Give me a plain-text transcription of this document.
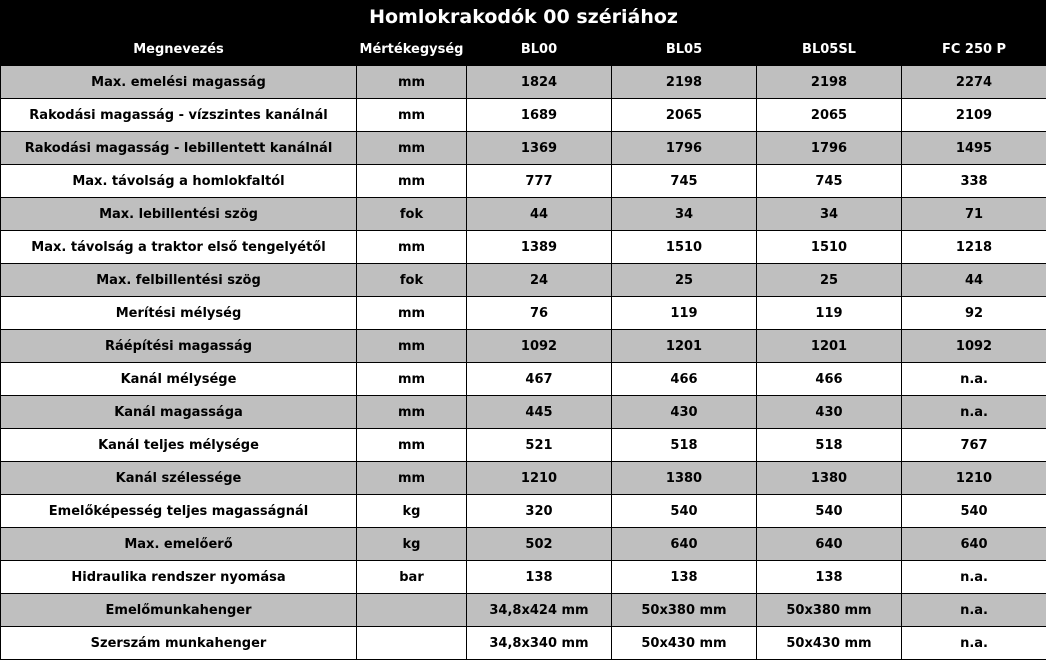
Homlokrakodók 00 szériához					
Megnevezés	Mértékegység	BL00	BL05	BL05SL	FC 250 P
Max. emelési magasság	mm	1824	2198	2198	2274
Rakodási magasság - vízszintes kanálnál	mm	1689	2065	2065	2109
Rakodási magasság - lebillentett kanálnál	mm	1369	1796	1796	1495
Max. távolság a homlokfaltól	mm	777	745	745	338
Max. lebillentési szög	fok	44	34	34	71
Max. távolság a traktor első tengelyétől	mm	1389	1510	1510	1218
Max. felbillentési szög	fok	24	25	25	44
Merítési mélység	mm	76	119	119	92
Ráépítési magasság	mm	1092	1201	1201	1092
Kanál mélysége	mm	467	466	466	n.a.
Kanál magassága	mm	445	430	430	n.a.
Kanál teljes mélysége	mm	521	518	518	767
Kanál szélessége	mm	1210	1380	1380	1210
Emelőképesség teljes magasságnál	kg	320	540	540	540
Max. emelőerő	kg	502	640	640	640
Hidraulika rendszer nyomása	bar	138	138	138	n.a.
Emelőmunkahenger		34,8x424 mm	50x380 mm	50x380 mm	n.a.
Szerszám munkahenger		34,8x340 mm	50x430 mm	50x430 mm	n.a.
